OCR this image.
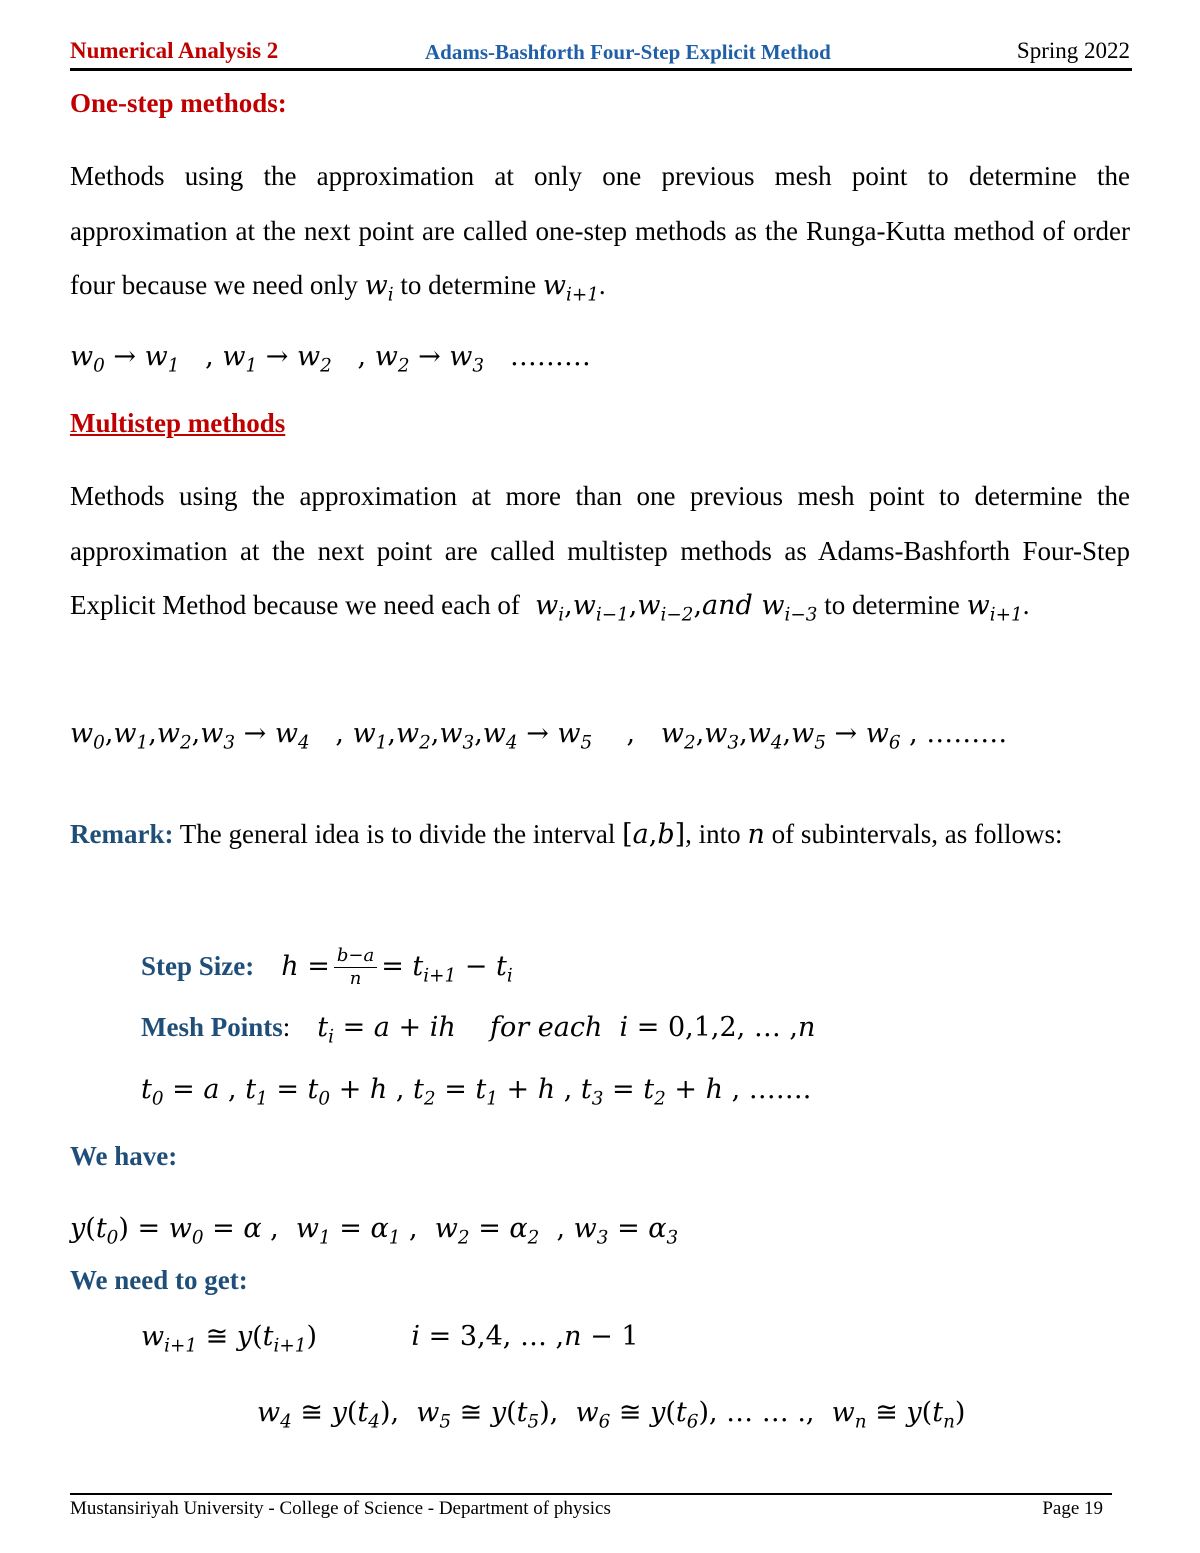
Numerical Analysis 2	Adams-Bashforth Four-Step Explicit Method	Spring 2022
One-step methods:
Methods using the approximation at only one previous mesh point to determine the approximation at the next point are called one-step methods as the Runga-Kutta method of order four because we need only $w_i$ to determine $w_{i+1}$.
$w_0 \to w_1$ , $w_1 \to w_2$ , $w_2 \to w_3$ ………
Multistep methods
Methods using the approximation at more than one previous mesh point to determine the approximation at the next point are called multistep methods as Adams-Bashforth Four-Step Explicit Method because we need each of  $w_i,w_{i-1},w_{i-2},and$ $w_{i-3}$ to determine $w_{i+1}$.
$w_0,w_1,w_2,w_3 \to w_4$ , $w_1,w_2,w_3,w_4 \to w_5$ ,   $w_2,w_3,w_4,w_5 \to w_6$ , ………
Remark: The general idea is to divide the interval [a,b], into n of subintervals, as follows:
Step Size: $h = \frac{b-a}{n} = t_{i+1} - t_i$
Mesh Points: $t_i = a$ + ih    for each  i = 0,1,2, … ,n
$t_0 = a$ , $t_1 = t_0 + h$ , $t_2 = t_1 + h$ , $t_3 = t_2 + h$ , …….
We have:
$y(t_0) = w_0 = \alpha$ ,  $w_1 = \alpha_1$ ,  $w_2 = \alpha_2$ , $w_3 = \alpha_3$
We need to get:
$w_{i+1}$ ≅ $y(t_{i+1})$           i = 3,4, … ,n − 1
$w_4$ ≅ $y(t_4)$,  $w_5$ ≅ $y(t_5)$,  $w_6$ ≅ $y(t_6)$, … … .,  $w_n$ ≅ $y(t_n)$
Mustansiriyah University - College of Science - Department of physics	Page 19
